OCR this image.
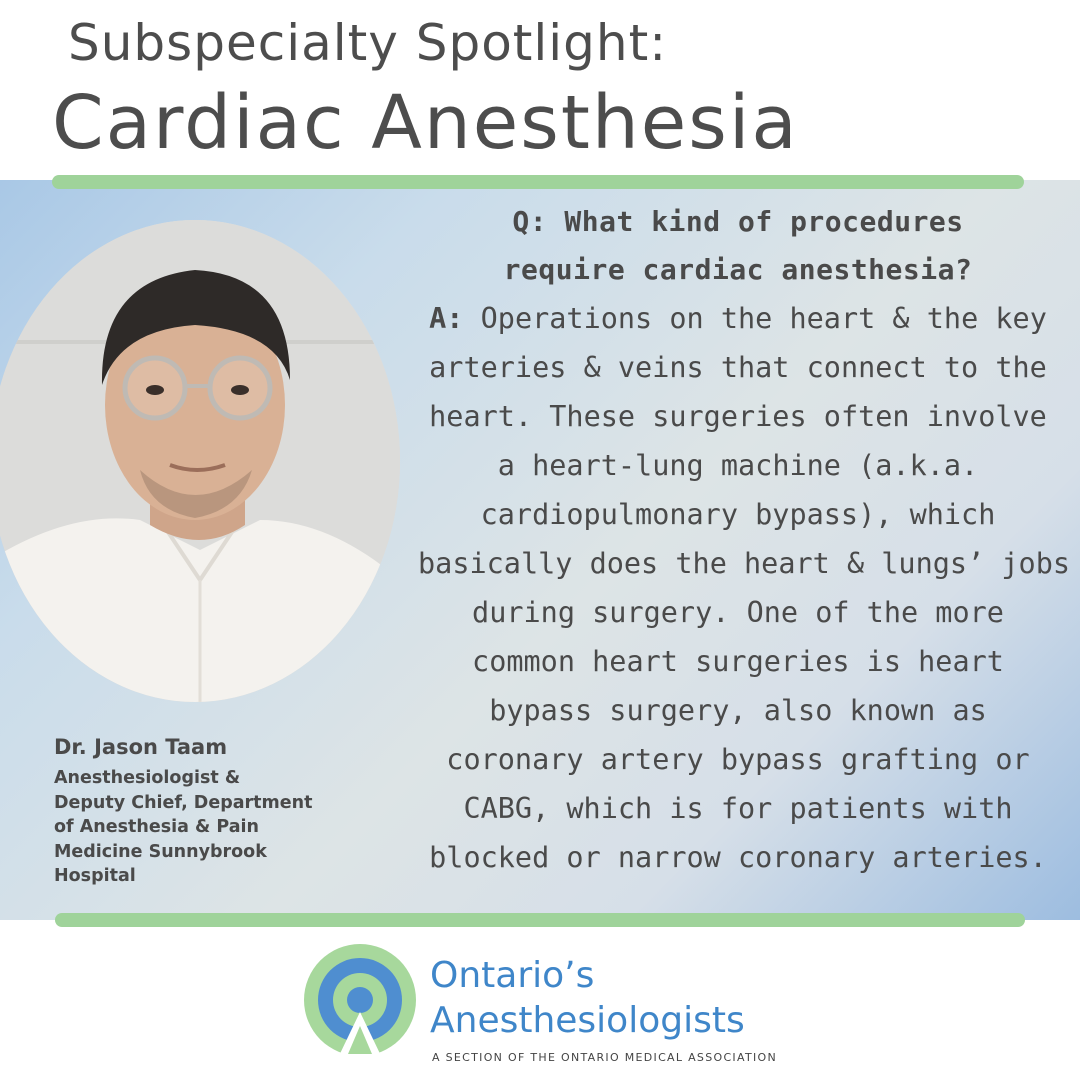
Subspecialty Spotlight:
Cardiac Anesthesia
Dr. Jason Taam
Anesthesiologist &
Deputy Chief, Department
of Anesthesia & Pain
Medicine Sunnybrook
Hospital
Q: What kind of procedures
require cardiac anesthesia?
A: Operations on the heart & the key
arteries & veins that connect to the
heart. These surgeries often involve
a heart-lung machine (a.k.a.
cardiopulmonary bypass), which
basically does the heart & lungs’ jobs
during surgery. One of the more
common heart surgeries is heart
bypass surgery, also known as
coronary artery bypass grafting or
CABG, which is for patients with
blocked or narrow coronary arteries.
Ontario’s
Anesthesiologists
A SECTION OF THE ONTARIO MEDICAL ASSOCIATION
